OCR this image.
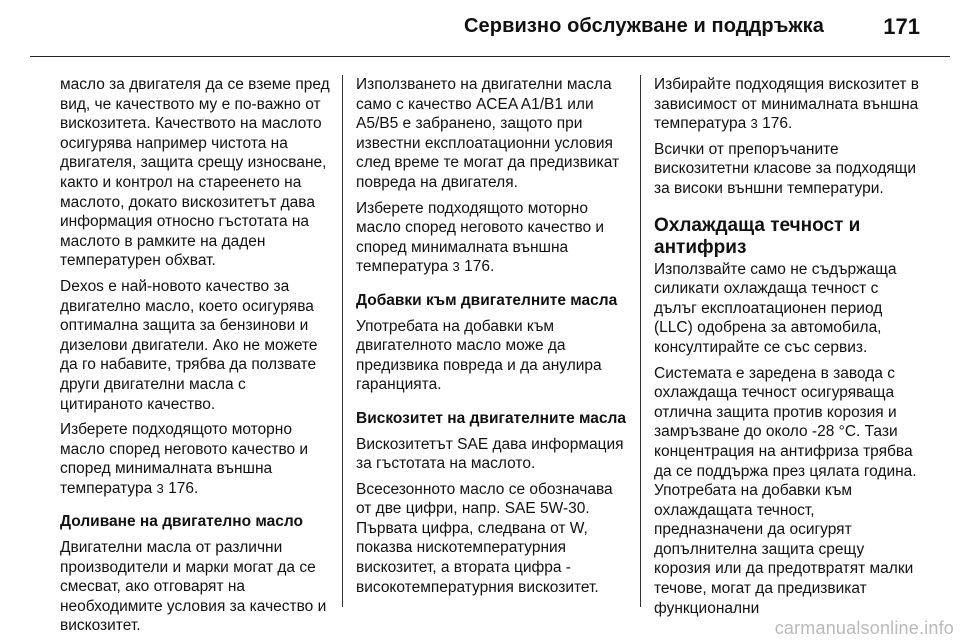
Сервизно обслужване и поддръжка	171

масло за двигателя да се вземе пред вид, че качеството му е по-важно от вискозитета. Качеството на маслото осигурява например чистота на двигателя, защита срещу износване, както и контрол на стареенето на маслото, докато вискозитетът дава информация относно гъстотата на маслото в рамките на даден температурен обхват.

Dexos е най-новото качество за двигателно масло, което осигурява оптимална защита за бензинови и дизелови двигатели. Ако не можете да го набавите, трябва да ползвате други двигателни масла с цитираното качество.

Изберете подходящото моторно масло според неговото качество и според минималната външна температура 3 176.

Доливане на двигателно масло

Двигателни масла от различни производители и марки могат да се смесват, ако отговарят на необходимите условия за качество и вискозитет.

Използването на двигателни масла само с качество ACEA A1/B1 или A5/B5 е забранено, защото при известни експлоатационни условия след време те могат да предизвикат повреда на двигателя.

Изберете подходящото моторно масло според неговото качество и според минималната външна температура 3 176.

Добавки към двигателните масла

Употребата на добавки към двигателното масло може да предизвика повреда и да анулира гаранцията.

Вискозитет на двигателните масла

Вискозитетът SAE дава информация за гъстотата на маслото.

Всесезонното масло се обозначава от две цифри, напр. SAE 5W-30. Първата цифра, следвана от W, показва нискотемпературния вискозитет, а втората цифра - високотемпературния вискозитет.

Избирайте подходящия вискозитет в зависимост от минималната външна температура 3 176.

Всички от препоръчаните вискозитетни класове за подходящи за високи външни температури.

Охлаждаща течност и антифриз

Използвайте само не съдържаща силикати охлаждаща течност с дълъг експлоатационен период (LLC) одобрена за автомобила, консултирайте се със сервиз.

Системата е заредена в завода с охлаждаща течност осигуряваща отлична защита против корозия и замръзване до около -28 °C. Тази концентрация на антифриза трябва да се поддържа през цялата година. Употребата на добавки към охлаждащата течност, предназначени да осигурят допълнителна защита срещу корозия или да предотвратят малки течове, могат да предизвикат функционални

carmanualsonline.info
